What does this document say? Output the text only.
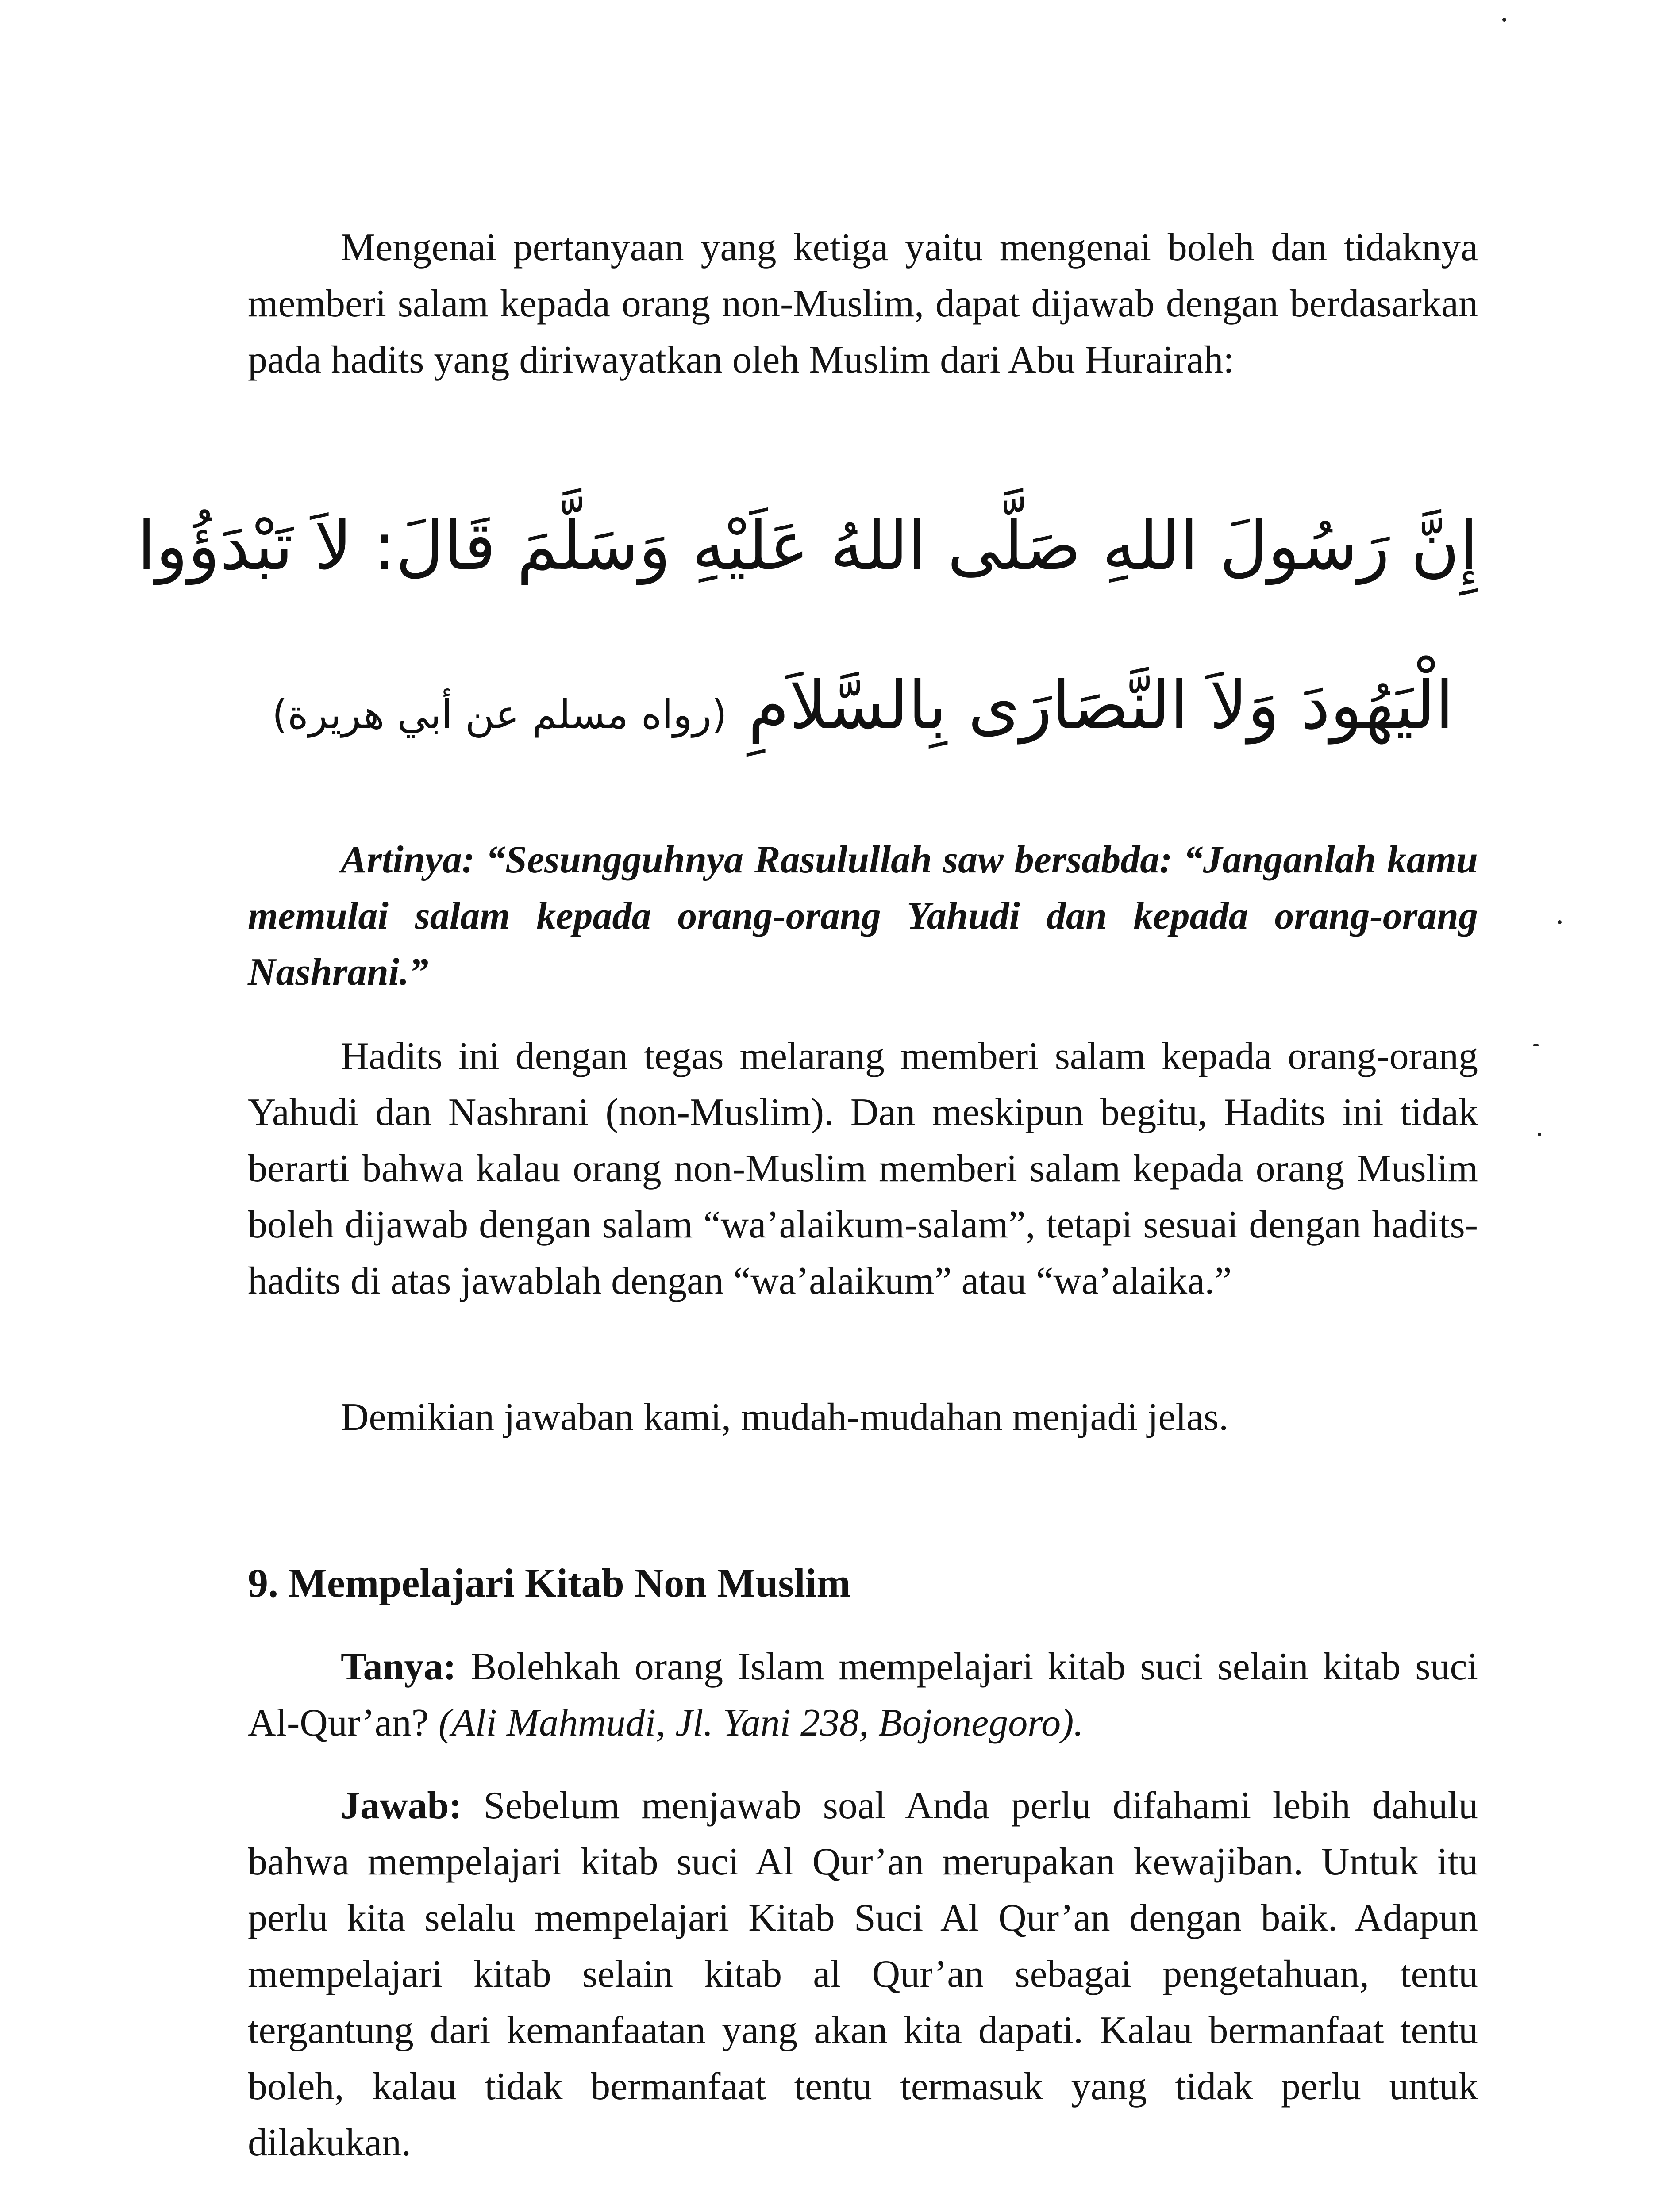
Mengenai pertanyaan yang ketiga yaitu mengenai boleh dan tidaknya memberi salam kepada orang non-Muslim, dapat dijawab dengan berdasarkan pada hadits yang diriwayatkan oleh Muslim dari Abu Hurairah:

إِنَّ رَسُولَ اللهِ صَلَّى اللهُ عَلَيْهِ وَسَلَّمَ قَالَ: لاَ تَبْدَؤُوا
الْيَهُودَ وَلاَ النَّصَارَى بِالسَّلاَمِ (رواه مسلم عن أبي هريرة)

Artinya: “Sesungguhnya Rasulullah saw bersabda: “Janganlah kamu memulai salam kepada orang-orang Yahudi dan kepada orang-orang Nashrani.”

Hadits ini dengan tegas melarang memberi salam kepada orang-orang Yahudi dan Nashrani (non-Muslim). Dan meskipun begitu, Hadits ini tidak berarti bahwa kalau orang non-Muslim memberi salam kepada orang Muslim boleh dijawab dengan salam “wa’alaikum-salam”, tetapi sesuai dengan hadits-hadits di atas jawablah dengan “wa’alaikum” atau “wa’alaika.”

Demikian jawaban kami, mudah-mudahan menjadi jelas.

9. Mempelajari Kitab Non Muslim

Tanya: Bolehkah orang Islam mempelajari kitab suci selain kitab suci Al-Qur’an? (Ali Mahmudi, Jl. Yani 238, Bojonegoro).

Jawab: Sebelum menjawab soal Anda perlu difahami lebih dahulu bahwa mempelajari kitab suci Al Qur’an merupakan kewajiban. Untuk itu perlu kita selalu mempelajari Kitab Suci Al Qur’an dengan baik. Adapun mempelajari kitab selain kitab al Qur’an sebagai pengetahuan, tentu tergantung dari kemanfaatan yang akan kita dapati. Kalau bermanfaat tentu boleh, kalau tidak bermanfaat tentu termasuk yang tidak perlu untuk dilakukan.
